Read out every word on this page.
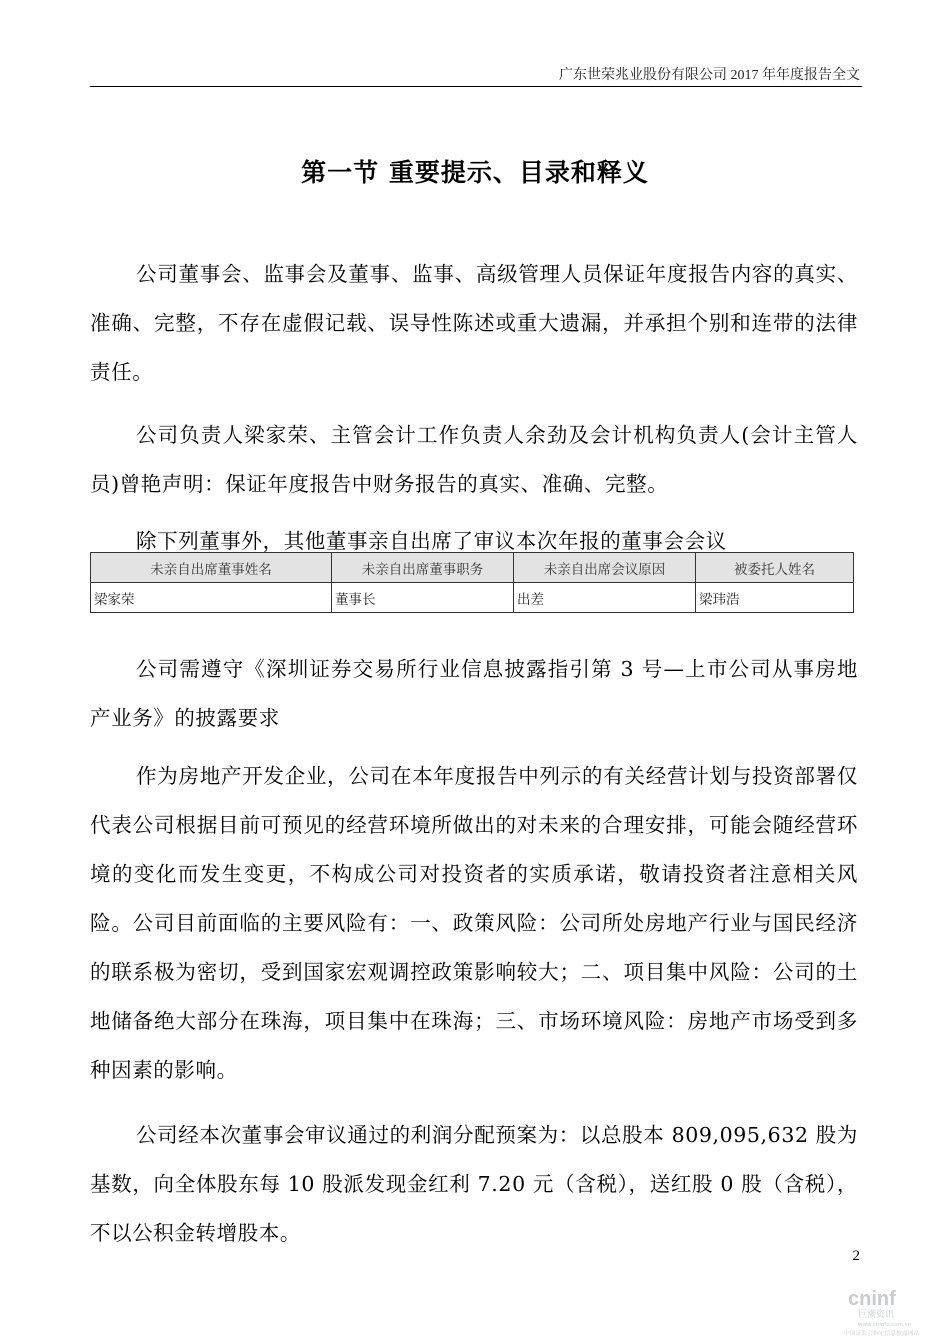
广东世荣兆业股份有限公司 2017 年年度报告全文
第一节 重要提示、目录和释义

公司董事会、监事会及董事、监事、高级管理人员保证年度报告内容的真实、准确、完整，不存在虚假记载、误导性陈述或重大遗漏，并承担个别和连带的法律责任。

公司负责人梁家荣、主管会计工作负责人余劲及会计机构负责人(会计主管人员)曾艳声明：保证年度报告中财务报告的真实、准确、完整。

除下列董事外，其他董事亲自出席了审议本次年报的董事会会议

未亲自出席董事姓名	未亲自出席董事职务	未亲自出席会议原因	被委托人姓名
梁家荣	董事长	出差	梁玮浩

公司需遵守《深圳证券交易所行业信息披露指引第 3 号—上市公司从事房地产业务》的披露要求

作为房地产开发企业，公司在本年度报告中列示的有关经营计划与投资部署仅代表公司根据目前可预见的经营环境所做出的对未来的合理安排，可能会随经营环境的变化而发生变更，不构成公司对投资者的实质承诺，敬请投资者注意相关风险。公司目前面临的主要风险有：一、政策风险：公司所处房地产行业与国民经济的联系极为密切，受到国家宏观调控政策影响较大；二、项目集中风险：公司的土地储备绝大部分在珠海，项目集中在珠海；三、市场环境风险：房地产市场受到多种因素的影响。

公司经本次董事会审议通过的利润分配预案为：以总股本 809,095,632 股为基数，向全体股东每 10 股派发现金红利 7.20 元（含税），送红股 0 股（含税），不以公积金转增股本。

2
cninf
巨潮资讯
www.cninfo.com.cn
中国证监会指定信息披露网站
